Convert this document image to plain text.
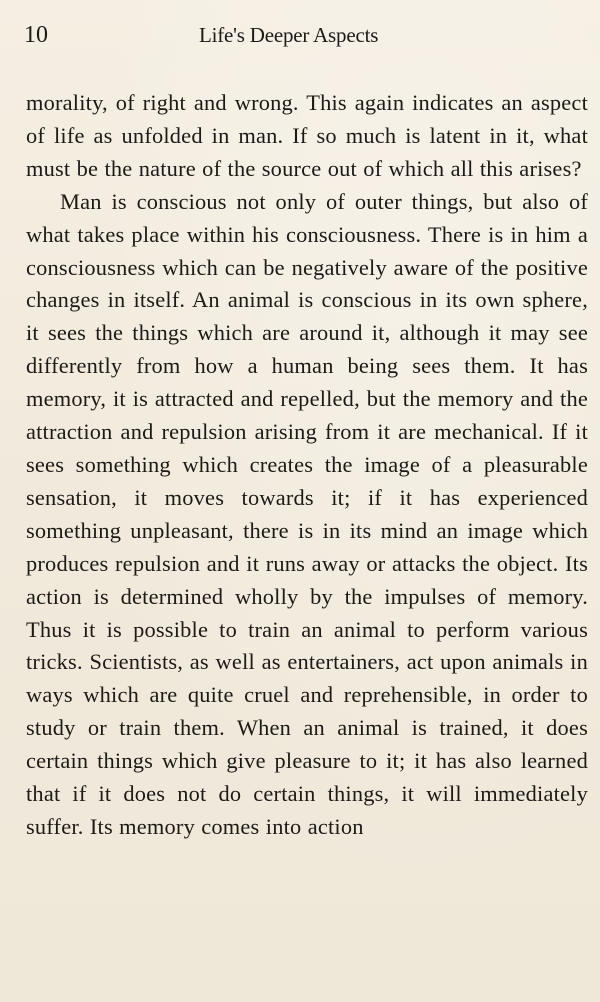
10	Life's Deeper Aspects

morality, of right and wrong. This again indicates an aspect of life as unfolded in man. If so much is latent in it, what must be the nature of the source out of which all this arises?

Man is conscious not only of outer things, but also of what takes place within his consciousness. There is in him a consciousness which can be negatively aware of the positive changes in itself. An animal is conscious in its own sphere, it sees the things which are around it, although it may see differently from how a human being sees them. It has memory, it is attracted and repelled, but the memory and the attraction and repulsion arising from it are mechanical. If it sees something which creates the image of a pleasurable sensation, it moves towards it; if it has experienced something unpleasant, there is in its mind an image which produces repulsion and it runs away or attacks the object. Its action is determined wholly by the impulses of memory. Thus it is possible to train an animal to perform various tricks. Scientists, as well as entertainers, act upon animals in ways which are quite cruel and reprehensible, in order to study or train them. When an animal is trained, it does certain things which give pleasure to it; it has also learned that if it does not do certain things, it will immediately suffer. Its memory comes into action
